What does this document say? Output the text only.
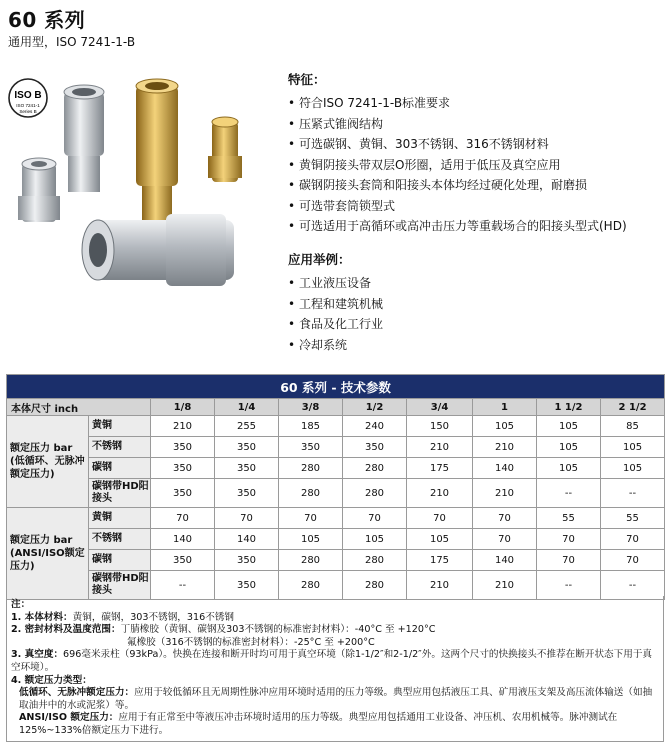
60 系列
通用型，ISO 7241-1-B
ISO B
ISO 7241-1
Series B
特征：
• 符合ISO 7241-1-B标准要求
• 压紧式锥阀结构
• 可选碳钢、黄铜、303不锈钢、316不锈钢材料
• 黄铜阴接头带双层O形圈，适用于低压及真空应用
• 碳钢阴接头套筒和阳接头本体均经过硬化处理，耐磨损
• 可选带套筒锁型式
• 可选适用于高循环或高冲击压力等重载场合的阳接头型式(HD)
应用举例：
• 工业液压设备
• 工程和建筑机械
• 食品及化工行业
• 冷却系统
60 系列 - 技术参数									
本体尺寸 inch		1/8	1/4	3/8	1/2	3/4	1	1 1/2	2 1/2
额定压力 bar (低循环、无脉冲额定压力)	黄铜	210	255	185	240	150	105	105	85
	不锈钢	350	350	350	350	210	210	105	105
	碳钢	350	350	280	280	175	140	105	105
	碳钢带HD阳接头	350	350	280	280	210	210	--	--
额定压力 bar (ANSI/ISO额定压力)	黄铜	70	70	70	70	70	70	55	55
	不锈钢	140	140	105	105	105	70	70	70
	碳钢	350	350	280	280	175	140	70	70
	碳钢带HD阳接头	--	350	280	280	210	210	--	--
注：
1. 本体材料：黄铜，碳钢，303不锈钢，316不锈钢
2. 密封材料及温度范围：丁腈橡胶（黄铜、碳钢及303不锈钢的标准密封材料）：-40°C 至 +120°C
氟橡胶（316不锈钢的标准密封材料）：-25°C 至 +200°C
3. 真空度：696毫米汞柱（93kPa）。快换在连接和断开时均可用于真空环境（除1-1/2″和2-1/2″外。这两个尺寸的快换接头不推荐在断开状态下用于真空环境）。
4. 额定压力类型：
低循环、无脉冲额定压力：应用于较低循环且无周期性脉冲应用环境时适用的压力等级。典型应用包括液压工具、矿用液压支架及高压流体输送（如抽取油井中的水或泥浆）等。
ANSI/ISO 额定压力：应用于有正常至中等液压冲击环境时适用的压力等级。典型应用包括通用工业设备、冲压机、农用机械等。脉冲测试在125%~133%倍额定压力下进行。
